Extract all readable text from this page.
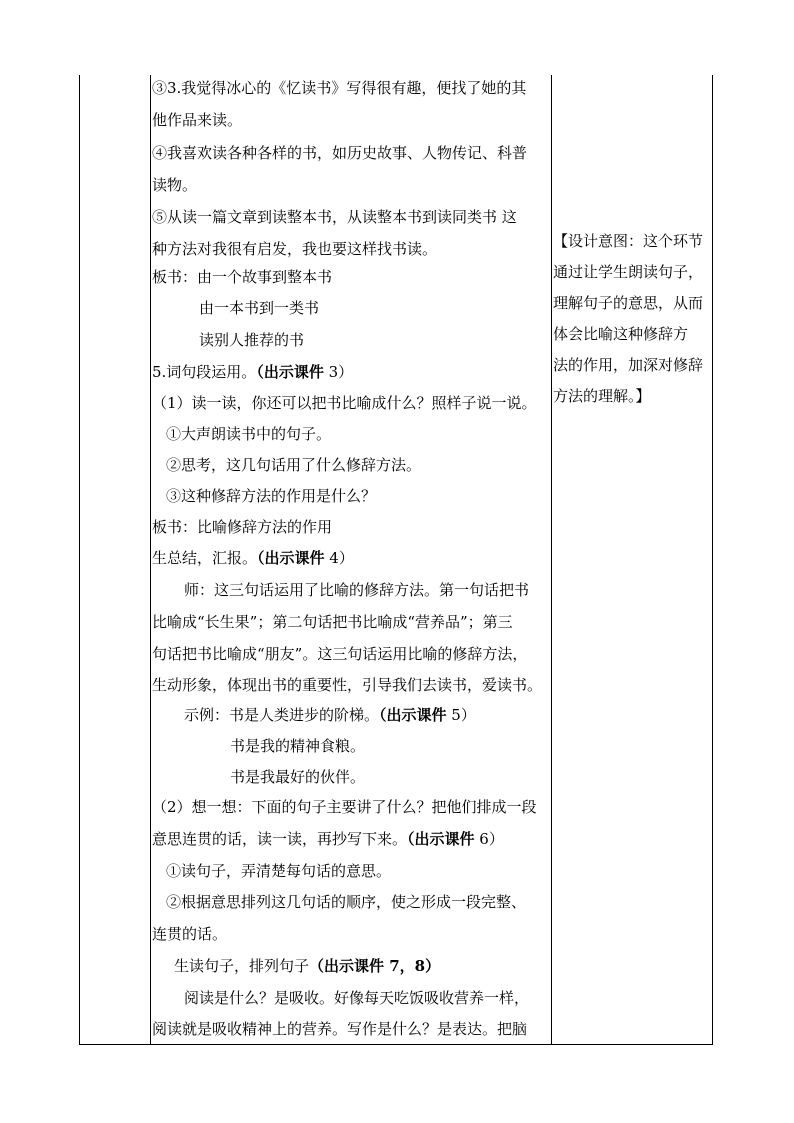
③3.我觉得冰心的《忆读书》写得很有趣，便找了她的其
他作品来读。
④我喜欢读各种各样的书，如历史故事、人物传记、科普
读物。
⑤从读一篇文章到读整本书，从读整本书到读同类书 这
种方法对我很有启发，我也要这样找书读。
板书：由一个故事到整本书
由一本书到一类书
读别人推荐的书
5.词句段运用。（出示课件 3）
（1）读一读，你还可以把书比喻成什么？照样子说一说。
①大声朗读书中的句子。
②思考，这几句话用了什么修辞方法。
③这种修辞方法的作用是什么？
板书：比喻修辞方法的作用
生总结，汇报。（出示课件 4）
师：这三句话运用了比喻的修辞方法。第一句话把书
比喻成“长生果”；第二句话把书比喻成“营养品”；第三
句话把书比喻成“朋友”。这三句话运用比喻的修辞方法，
生动形象，体现出书的重要性，引导我们去读书，爱读书。
示例：书是人类进步的阶梯。（出示课件 5）
书是我的精神食粮。
书是我最好的伙伴。
（2）想一想：下面的句子主要讲了什么？把他们排成一段
意思连贯的话，读一读，再抄写下来。（出示课件 6）
①读句子，弄清楚每句话的意思。
②根据意思排列这几句话的顺序，使之形成一段完整、
连贯的话。
生读句子，排列句子（出示课件 7，8）
阅读是什么？是吸收。好像每天吃饭吸收营养一样，
阅读就是吸收精神上的营养。写作是什么？是表达。把脑
【设计意图：这个环节
通过让学生朗读句子，
理解句子的意思，从而
体会比喻这种修辞方
法的作用，加深对修辞
方法的理解。】
